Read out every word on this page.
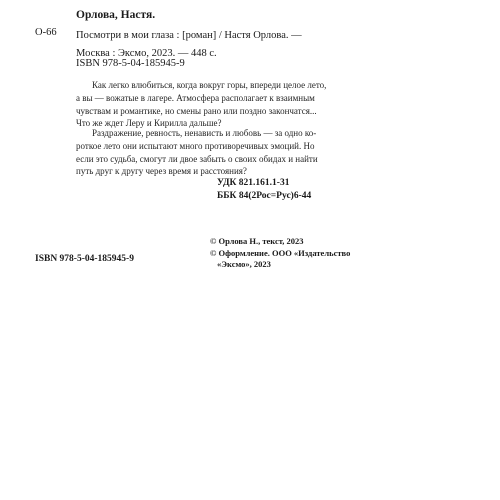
Орлова, Настя.
О-66 Посмотри в мои глаза : [роман] / Настя Орлова. —
Москва : Эксмо, 2023. — 448 с.
ISBN 978-5-04-185945-9
Как легко влюбиться, когда вокруг горы, впереди целое лето,
а вы — вожатые в лагере. Атмосфера располагает к взаимным
чувствам и романтике, но смены рано или поздно закончатся...
Что же ждет Леру и Кирилла дальше?
Раздражение, ревность, ненависть и любовь — за одно ко-
роткое лето они испытают много противоречивых эмоций. Но
если это судьба, смогут ли двое забыть о своих обидах и найти
путь друг к другу через время и расстояния?
УДК 821.161.1-31
ББК 84(2Рос=Рус)6-44
© Орлова Н., текст, 2023
© Оформление. ООО «Издательство
«Эксмо», 2023
ISBN 978-5-04-185945-9
